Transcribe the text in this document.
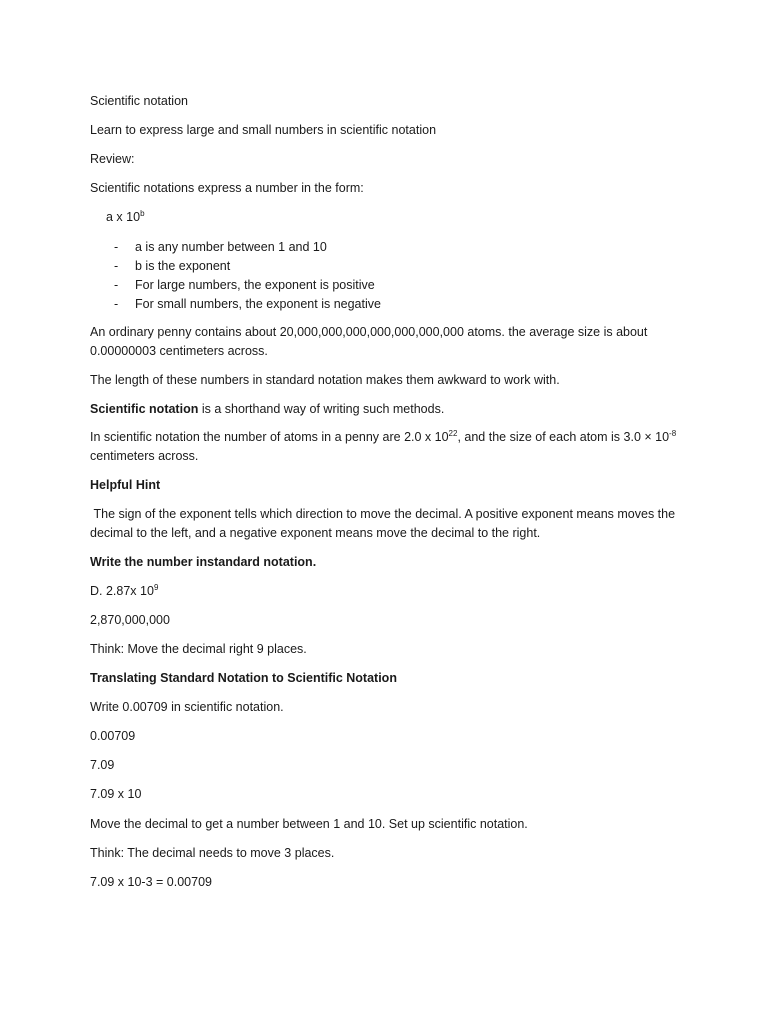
Scientific notation

Learn to express large and small numbers in scientific notation

Review:

Scientific notations express a number in the form:

a x 10$^b$

- a is any number between 1 and 10
- b is the exponent
- For large numbers, the exponent is positive
- For small numbers, the exponent is negative

An ordinary penny contains about 20,000,000,000,000,000,000,000 atoms. the average size is about 0.00000003 centimeters across.

The length of these numbers in standard notation makes them awkward to work with.

Scientific notation is a shorthand way of writing such methods.

In scientific notation the number of atoms in a penny are 2.0 x $10^{22}$, and the size of each atom is $3.0 \times 10^{-8}$ centimeters across.

Helpful Hint

The sign of the exponent tells which direction to move the decimal. A positive exponent means moves the decimal to the left, and a negative exponent means move the decimal to the right.

Write the number instandard notation.

D. 2.87x $10^9$

2,870,000,000

Think: Move the decimal right 9 places.

Translating Standard Notation to Scientific Notation

Write 0.00709 in scientific notation.

0.00709

7.09

7.09 x 10

Move the decimal to get a number between 1 and 10. Set up scientific notation.

Think: The decimal needs to move 3 places.

7.09 x 10-3 = 0.00709
